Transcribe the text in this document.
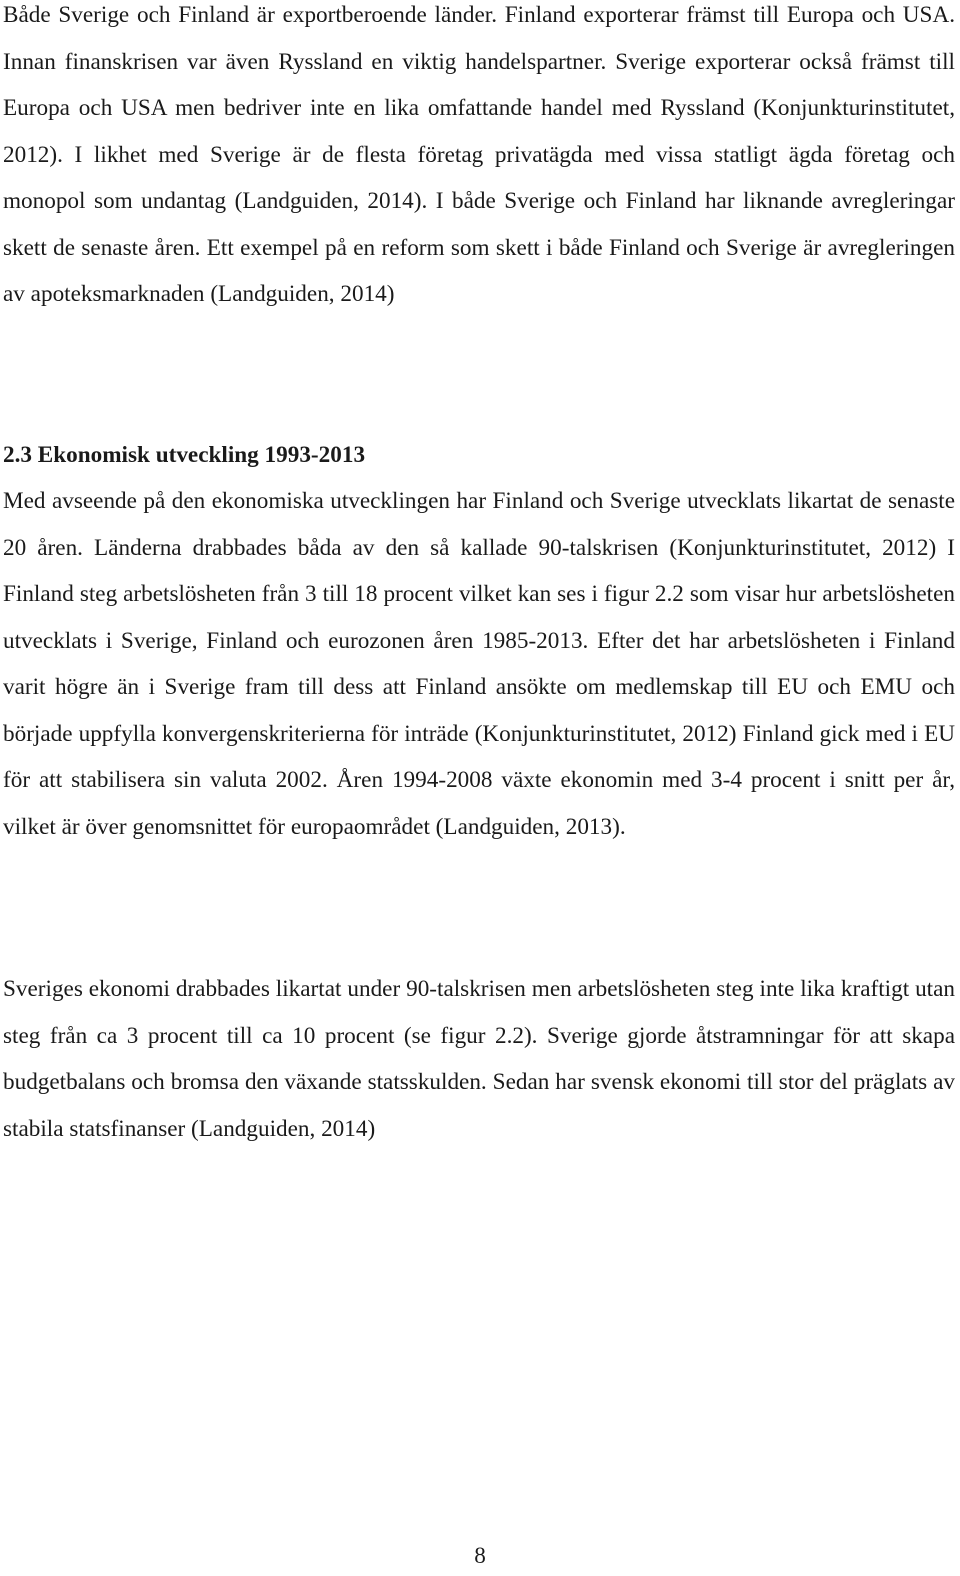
Både Sverige och Finland är exportberoende länder. Finland exporterar främst till Europa och USA. Innan finanskrisen var även Ryssland en viktig handelspartner. Sverige exporterar också främst till Europa och USA men bedriver inte en lika omfattande handel med Ryssland (Konjunkturinstitutet, 2012). I likhet med Sverige är de flesta företag privatägda med vissa statligt ägda företag och monopol som undantag (Landguiden, 2014). I både Sverige och Finland har liknande avregleringar skett de senaste åren. Ett exempel på en reform som skett i både Finland och Sverige är avregleringen av apoteksmarknaden (Landguiden, 2014)

2.3 Ekonomisk utveckling 1993-2013

Med avseende på den ekonomiska utvecklingen har Finland och Sverige utvecklats likartat de senaste 20 åren. Länderna drabbades båda av den så kallade 90-talskrisen (Konjunkturinstitutet, 2012) I Finland steg arbetslösheten från 3 till 18 procent vilket kan ses i figur 2.2 som visar hur arbetslösheten utvecklats i Sverige, Finland och eurozonen åren 1985-2013. Efter det har arbetslösheten i Finland varit högre än i Sverige fram till dess att Finland ansökte om medlemskap till EU och EMU och började uppfylla konvergenskriterierna för inträde (Konjunkturinstitutet, 2012) Finland gick med i EU för att stabilisera sin valuta 2002. Åren 1994-2008 växte ekonomin med 3-4 procent i snitt per år, vilket är över genomsnittet för europaområdet (Landguiden, 2013).

Sveriges ekonomi drabbades likartat under 90-talskrisen men arbetslösheten steg inte lika kraftigt utan steg från ca 3 procent till ca 10 procent (se figur 2.2). Sverige gjorde åtstramningar för att skapa budgetbalans och bromsa den växande statsskulden. Sedan har svensk ekonomi till stor del präglats av stabila statsfinanser (Landguiden, 2014)

8
